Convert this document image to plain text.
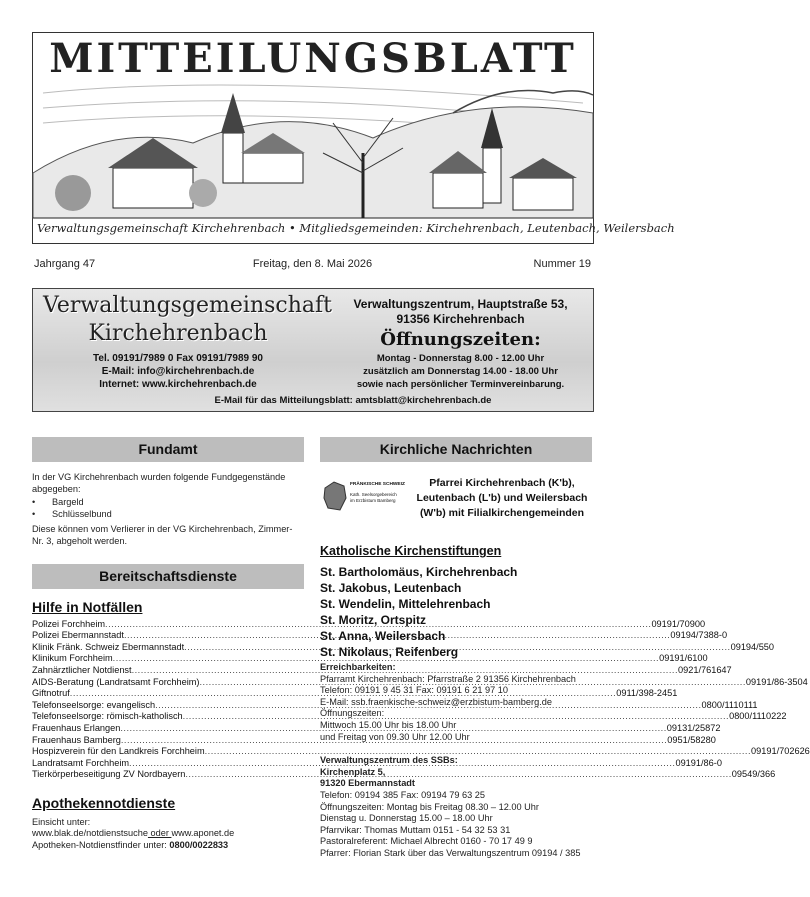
MITTEILUNGSBLATT
Verwaltungsgemeinschaft Kirchehrenbach • Mitgliedsgemeinden: Kirchehrenbach, Leutenbach, Weilersbach
Jahrgang 47	Freitag, den 8. Mai 2026	Nummer 19
Verwaltungsgemeinschaft
Kirchehrenbach
Tel. 09191/7989 0 Fax 09191/7989 90
E-Mail: info@kirchehrenbach.de
Internet: www.kirchehrenbach.de
Verwaltungszentrum, Hauptstraße 53,
91356 Kirchehrenbach
Öffnungszeiten:
Montag - Donnerstag 8.00 - 12.00 Uhr
zusätzlich am Donnerstag 14.00 - 18.00 Uhr
sowie nach persönlicher Terminvereinbarung.
E-Mail für das Mitteilungsblatt: amtsblatt@kirchehrenbach.de
Fundamt
In der VG Kirchehrenbach wurden folgende Fundgegenstände abgegeben:
• Bargeld
• Schlüsselbund
Diese können vom Verlierer in der VG Kirchehrenbach, Zimmer-Nr. 3, abgeholt werden.
Bereitschaftsdienste
Hilfe in Notfällen
Polizei Forchheim .....	09191/70900
Polizei Ebermannstadt .....	09194/7388-0
Klinik Fränk. Schweiz Ebermannstadt .....	09194/550
Klinikum Forchheim .....	09191/6100
Zahnärztlicher Notdienst .....	0921/761647
AIDS-Beratung (Landratsamt Forchheim) .....	09191/86-3504
Giftnotruf .....	0911/398-2451
Telefonseelsorge: evangelisch .....	0800/1110111
Telefonseelsorge: römisch-katholisch .....	0800/1110222
Frauenhaus Erlangen .....	09131/25872
Frauenhaus Bamberg .....	0951/58280
Hospizverein für den Landkreis Forchheim .....	09191/702626
Landratsamt Forchheim .....	09191/86-0
Tierkörperbeseitigung ZV Nordbayern .....	09549/366
Apothekennotdienste
Einsicht unter:
www.blak.de/notdienstsuche oder www.aponet.de
Apotheken-Notdienstfinder unter: 0800/0022833
Kirchliche Nachrichten
FRÄNKISCHE SCHWEIZ
Kath. Seelsorgebereich
im Erzbistum Bamberg
Pfarrei Kirchehrenbach (K'b),
Leutenbach (L'b) und Weilersbach
(W'b) mit Filialkirchengemeinden
Katholische Kirchenstiftungen
St. Bartholomäus, Kirchehrenbach
St. Jakobus, Leutenbach
St. Wendelin, Mittelehrenbach
St. Moritz, Ortspitz
St. Anna, Weilersbach
St. Nikolaus, Reifenberg
Erreichbarkeiten:
Pfarramt Kirchehrenbach: Pfarrstraße 2 91356 Kirchehrenbach
Telefon: 09191 9 45 31 Fax: 09191 6 21 97 10
E-Mail: ssb.fraenkische-schweiz@erzbistum-bamberg.de
Öffnungszeiten:
Mittwoch 15.00 Uhr bis 18.00 Uhr
und Freitag von 09.30 Uhr 12.00 Uhr
Verwaltungszentrum des SSBs:
Kirchenplatz 5,
91320 Ebermannstadt
Telefon: 09194 385 Fax: 09194 79 63 25
Öffnungszeiten: Montag bis Freitag 08.30 – 12.00 Uhr
Dienstag u. Donnerstag 15.00 – 18.00 Uhr
Pfarrvikar: Thomas Muttam 0151 - 54 32 53 31
Pastoralreferent: Michael Albrecht 0160 - 70 17 49 9
Pfarrer: Florian Stark über das Verwaltungszentrum 09194 / 385
